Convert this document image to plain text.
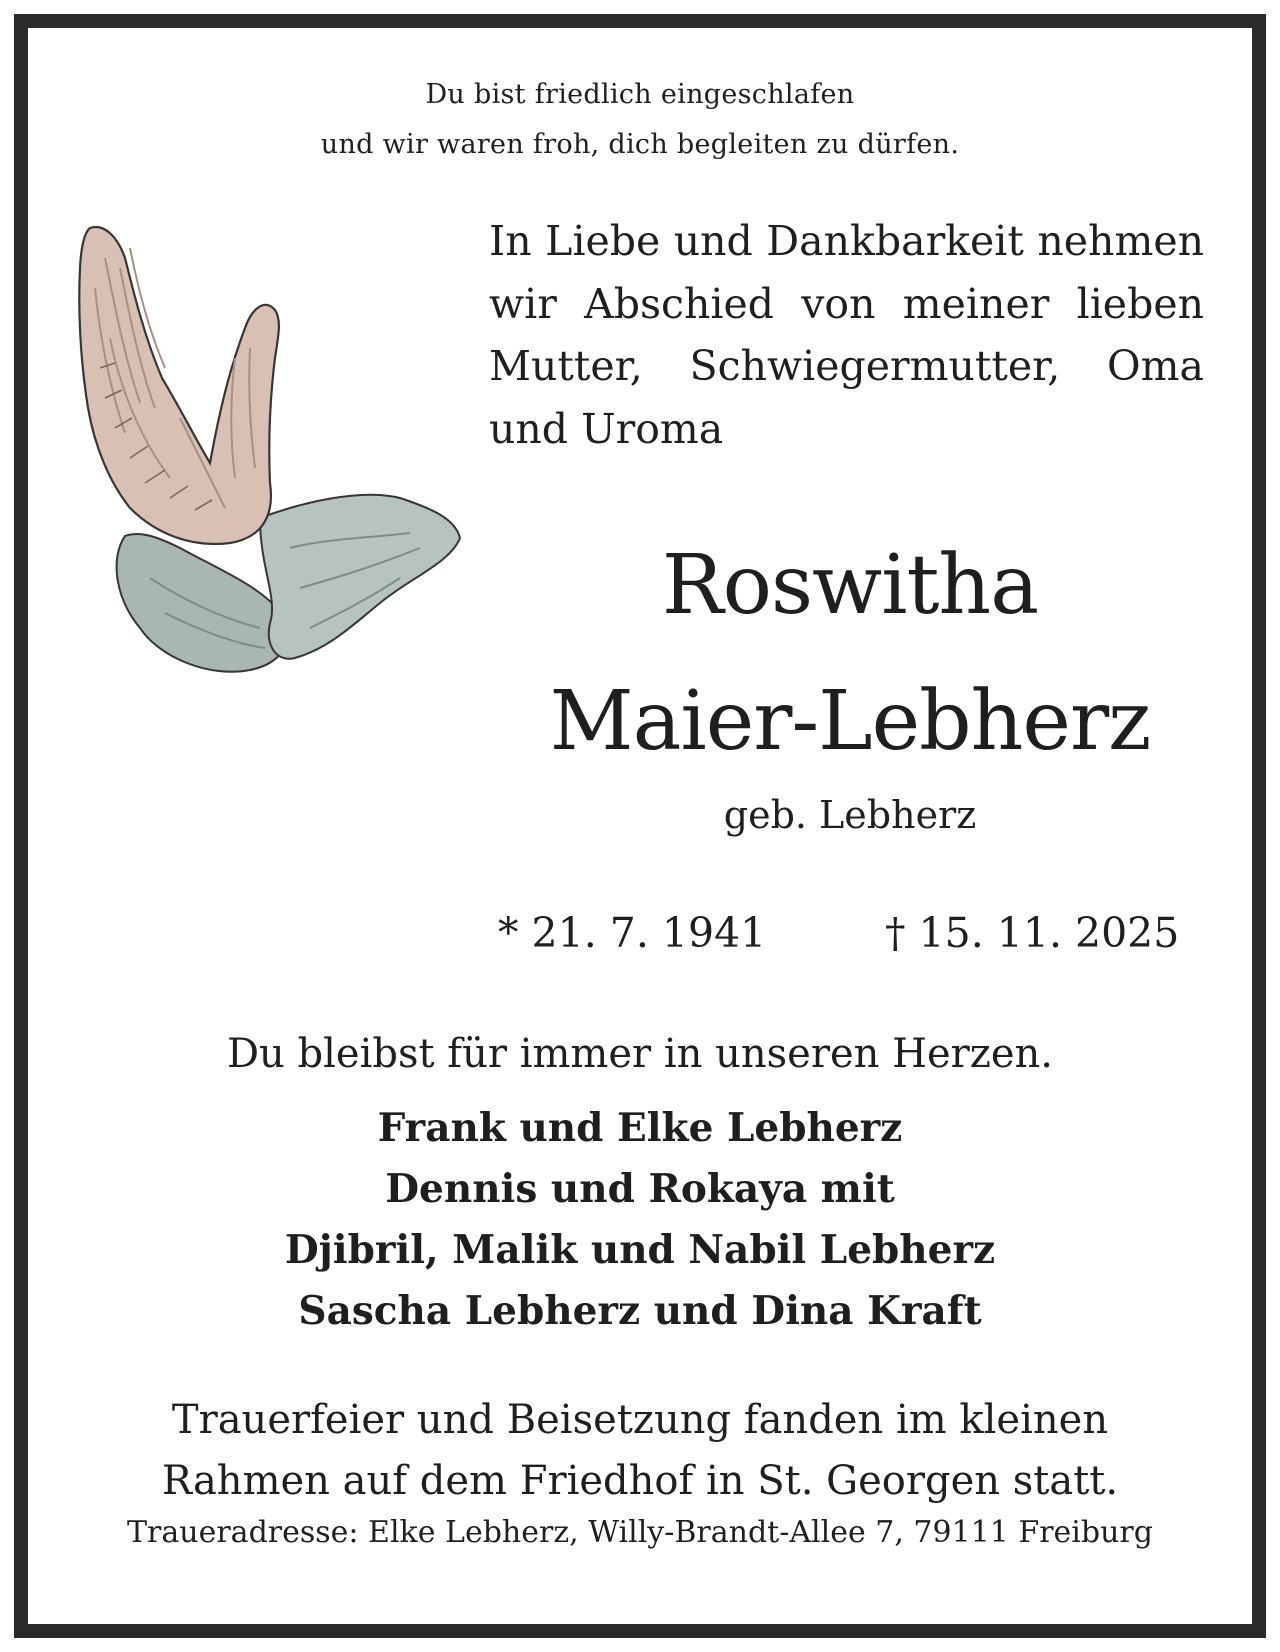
Du bist friedlich eingeschlafen
und wir waren froh, dich begleiten zu dürfen.

In Liebe und Dankbarkeit nehmen wir Abschied von meiner lieben Mutter, Schwiegermutter, Oma und Uroma

Roswitha
Maier-Lebherz
geb. Lebherz
* 21. 7. 1941	† 15. 11. 2025
Du bleibst für immer in unseren Herzen.
Frank und Elke Lebherz
Dennis und Rokaya mit
Djibril, Malik und Nabil Lebherz
Sascha Lebherz und Dina Kraft
Trauerfeier und Beisetzung fanden im kleinen
Rahmen auf dem Friedhof in St. Georgen statt.
Traueradresse: Elke Lebherz, Willy-Brandt-Allee 7, 79111 Freiburg
